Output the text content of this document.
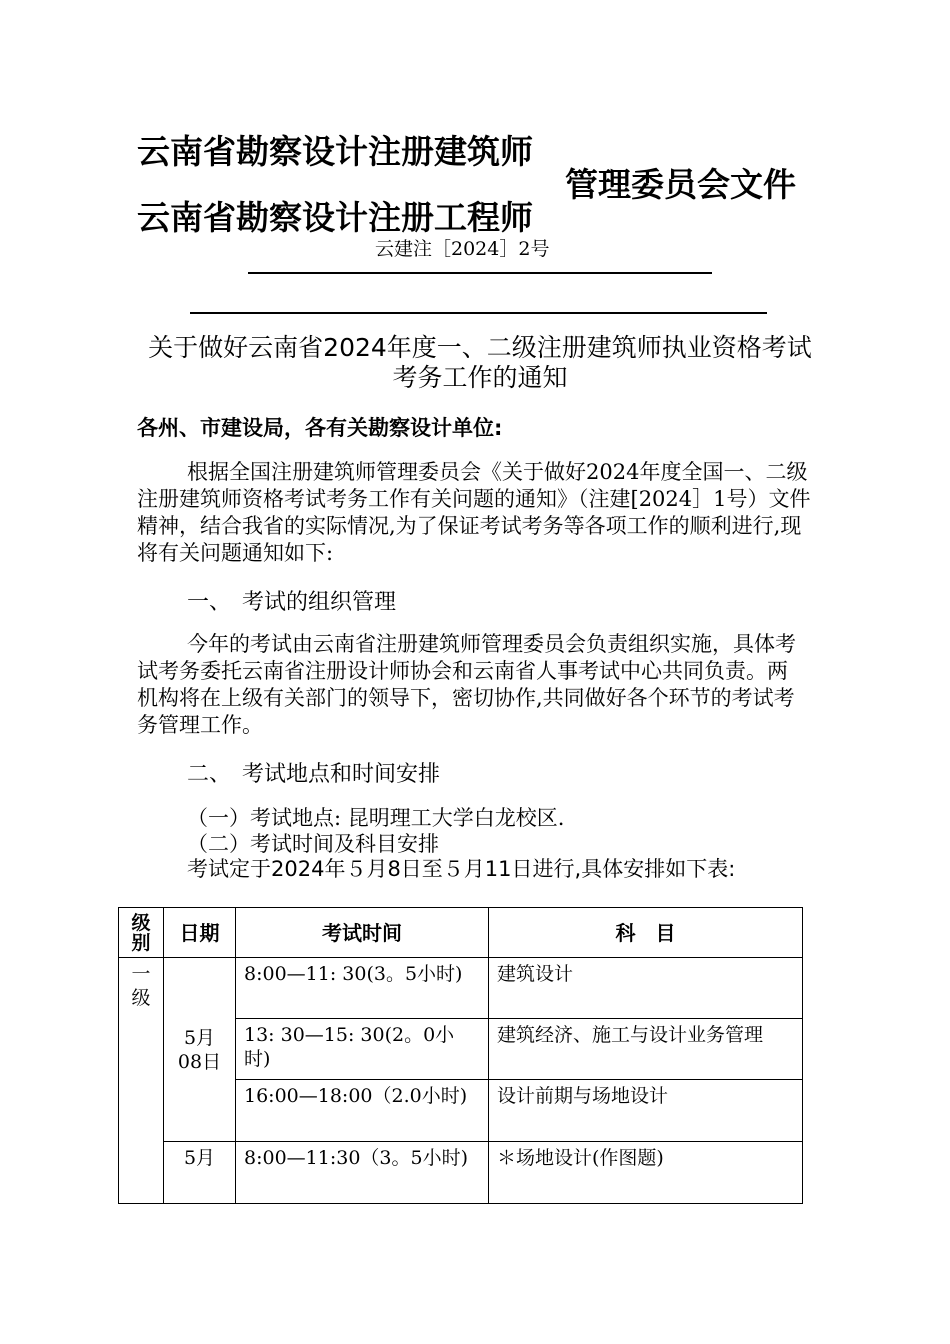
云南省勘察设计注册建筑师
管理委员会文件
云南省勘察设计注册工程师
云建注［2024］2号
关于做好云南省2024年度一、二级注册建筑师执业资格考试考务工作的通知
各州、市建设局，各有关勘察设计单位:
根据全国注册建筑师管理委员会《关于做好2024年度全国一、二级注册建筑师资格考试考务工作有关问题的通知》（注建[2024］1号）文件精神，结合我省的实际情况,为了保证考试考务等各项工作的顺利进行,现将有关问题通知如下:
一、　考试的组织管理
今年的考试由云南省注册建筑师管理委员会负责组织实施，具体考试考务委托云南省注册设计师协会和云南省人事考试中心共同负责。两机构将在上级有关部门的领导下，密切协作,共同做好各个环节的考试考务管理工作。
二、　考试地点和时间安排
（一）考试地点: 昆明理工大学白龙校区.
（二）考试时间及科目安排
考试定于2024年５月8日至５月11日进行,具体安排如下表:
级别	日期	考试时间	科　目
一级	5月08日	8:00—11: 30(3。5小时)	建筑设计
		13: 30—15: 30(2。0小时)	建筑经济、施工与设计业务管理
		16:00—18:00（2.0小时)	设计前期与场地设计
	5月	8:00—11:30（3。5小时)	＊场地设计(作图题)
